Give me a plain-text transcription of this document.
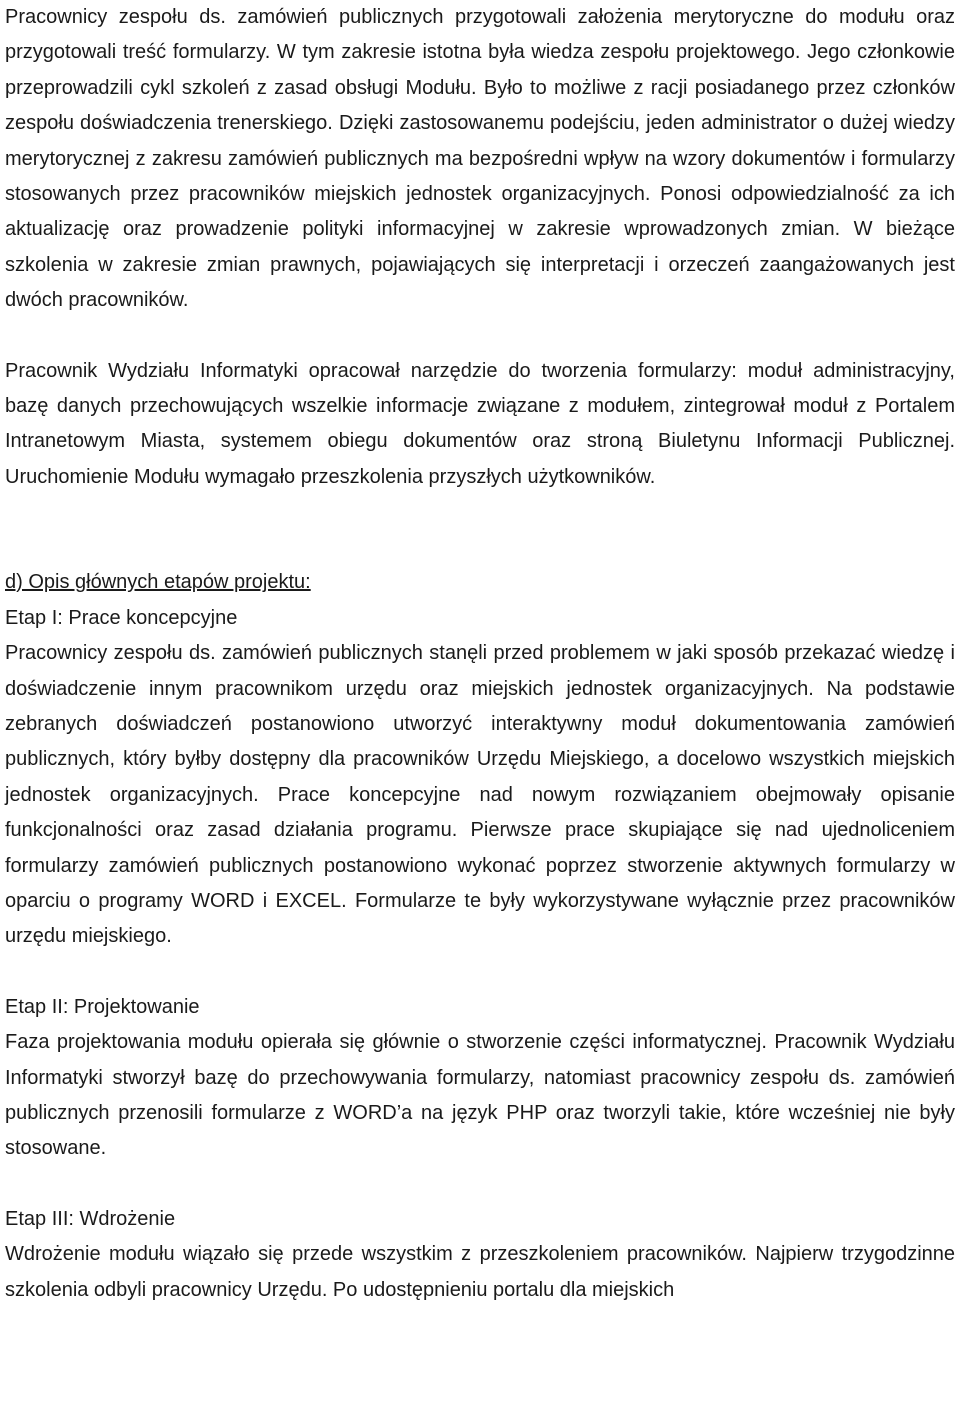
Pracownicy zespołu ds. zamówień publicznych przygotowali założenia merytoryczne do modułu oraz przygotowali treść formularzy. W tym zakresie istotna była wiedza zespołu projektowego. Jego członkowie przeprowadzili cykl szkoleń z zasad obsługi Modułu. Było to możliwe z racji posiadanego przez członków zespołu doświadczenia trenerskiego. Dzięki zastosowanemu podejściu, jeden administrator o dużej wiedzy merytorycznej z zakresu zamówień publicznych ma bezpośredni wpływ na wzory dokumentów i formularzy stosowanych przez pracowników miejskich jednostek organizacyjnych. Ponosi odpowiedzialność za ich aktualizację oraz prowadzenie polityki informacyjnej w zakresie wprowadzonych zmian. W bieżące szkolenia w zakresie zmian prawnych, pojawiających się interpretacji i orzeczeń zaangażowanych jest dwóch pracowników.

Pracownik Wydziału Informatyki opracował narzędzie do tworzenia formularzy: moduł administracyjny, bazę danych przechowujących wszelkie informacje związane z modułem, zintegrował moduł z Portalem Intranetowym Miasta, systemem obiegu dokumentów oraz stroną Biuletynu Informacji Publicznej. Uruchomienie Modułu wymagało przeszkolenia przyszłych użytkowników.

d) Opis głównych etapów projektu:

Etap I: Prace koncepcyjne

Pracownicy zespołu ds. zamówień publicznych stanęli przed problemem w jaki sposób przekazać wiedzę i doświadczenie innym pracownikom urzędu oraz miejskich jednostek organizacyjnych. Na podstawie zebranych doświadczeń postanowiono utworzyć interaktywny moduł dokumentowania zamówień publicznych, który byłby dostępny dla pracowników Urzędu Miejskiego, a docelowo wszystkich miejskich jednostek organizacyjnych. Prace koncepcyjne nad nowym rozwiązaniem obejmowały opisanie funkcjonalności oraz zasad działania programu. Pierwsze prace skupiające się nad ujednoliceniem formularzy zamówień publicznych postanowiono wykonać poprzez stworzenie aktywnych formularzy w oparciu o programy WORD i EXCEL. Formularze te były wykorzystywane wyłącznie przez pracowników urzędu miejskiego.

Etap II: Projektowanie

Faza projektowania modułu opierała się głównie o stworzenie części informatycznej. Pracownik Wydziału Informatyki stworzył bazę do przechowywania formularzy, natomiast pracownicy zespołu ds. zamówień publicznych przenosili formularze z WORD’a na język PHP oraz tworzyli takie, które wcześniej nie były stosowane.

Etap III: Wdrożenie

Wdrożenie modułu wiązało się przede wszystkim z przeszkoleniem pracowników. Najpierw trzygodzinne szkolenia odbyli pracownicy Urzędu. Po udostępnieniu portalu dla miejskich
